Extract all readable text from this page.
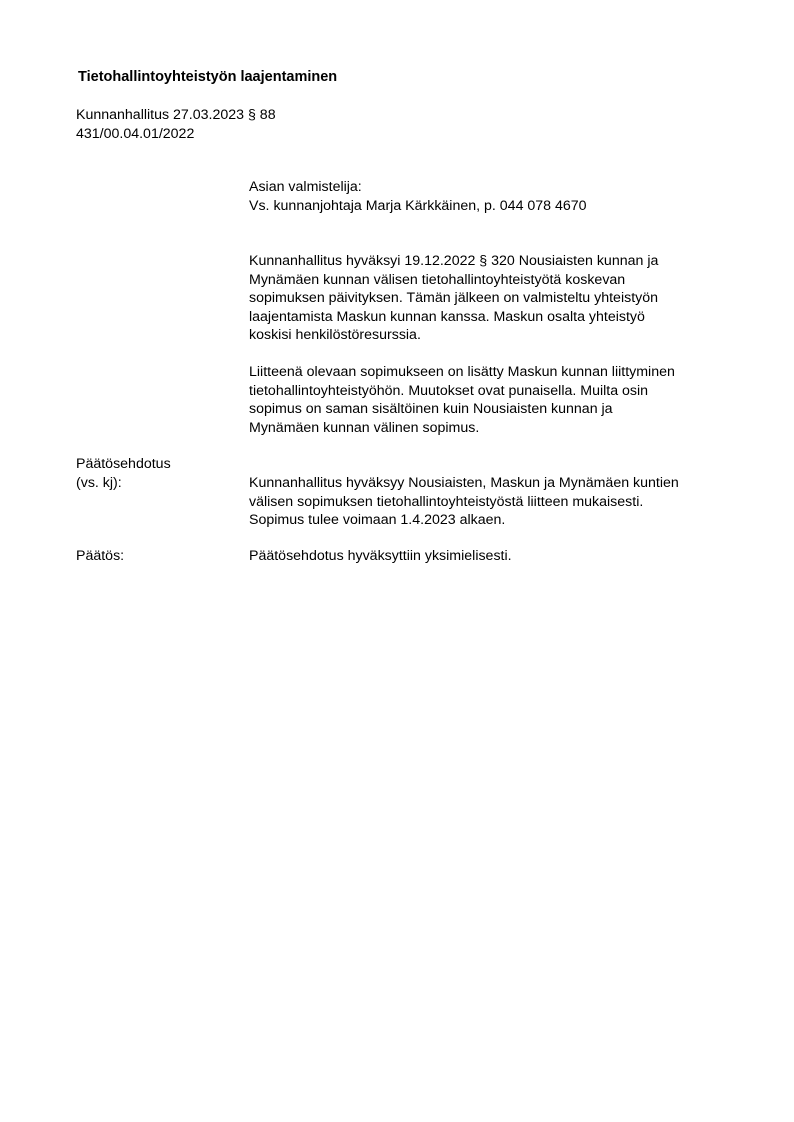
Tietohallintoyhteistyön laajentaminen
Kunnanhallitus 27.03.2023 § 88
431/00.04.01/2022
Asian valmistelija:
Vs. kunnanjohtaja Marja Kärkkäinen, p. 044 078 4670
Kunnanhallitus hyväksyi 19.12.2022 § 320 Nousiaisten kunnan ja
Mynämäen kunnan välisen tietohallintoyhteistyötä koskevan
sopimuksen päivityksen. Tämän jälkeen on valmisteltu yhteistyön
laajentamista Maskun kunnan kanssa. Maskun osalta yhteistyö
koskisi henkilöstöresurssia.
Liitteenä olevaan sopimukseen on lisätty Maskun kunnan liittyminen
tietohallintoyhteistyöhön. Muutokset ovat punaisella. Muilta osin
sopimus on saman sisältöinen kuin Nousiaisten kunnan ja
Mynämäen kunnan välinen sopimus.
Päätösehdotus
(vs. kj):	Kunnanhallitus hyväksyy Nousiaisten, Maskun ja Mynämäen kuntien
välisen sopimuksen tietohallintoyhteistyöstä liitteen mukaisesti.
Sopimus tulee voimaan 1.4.2023 alkaen.
Päätös:	Päätösehdotus hyväksyttiin yksimielisesti.
